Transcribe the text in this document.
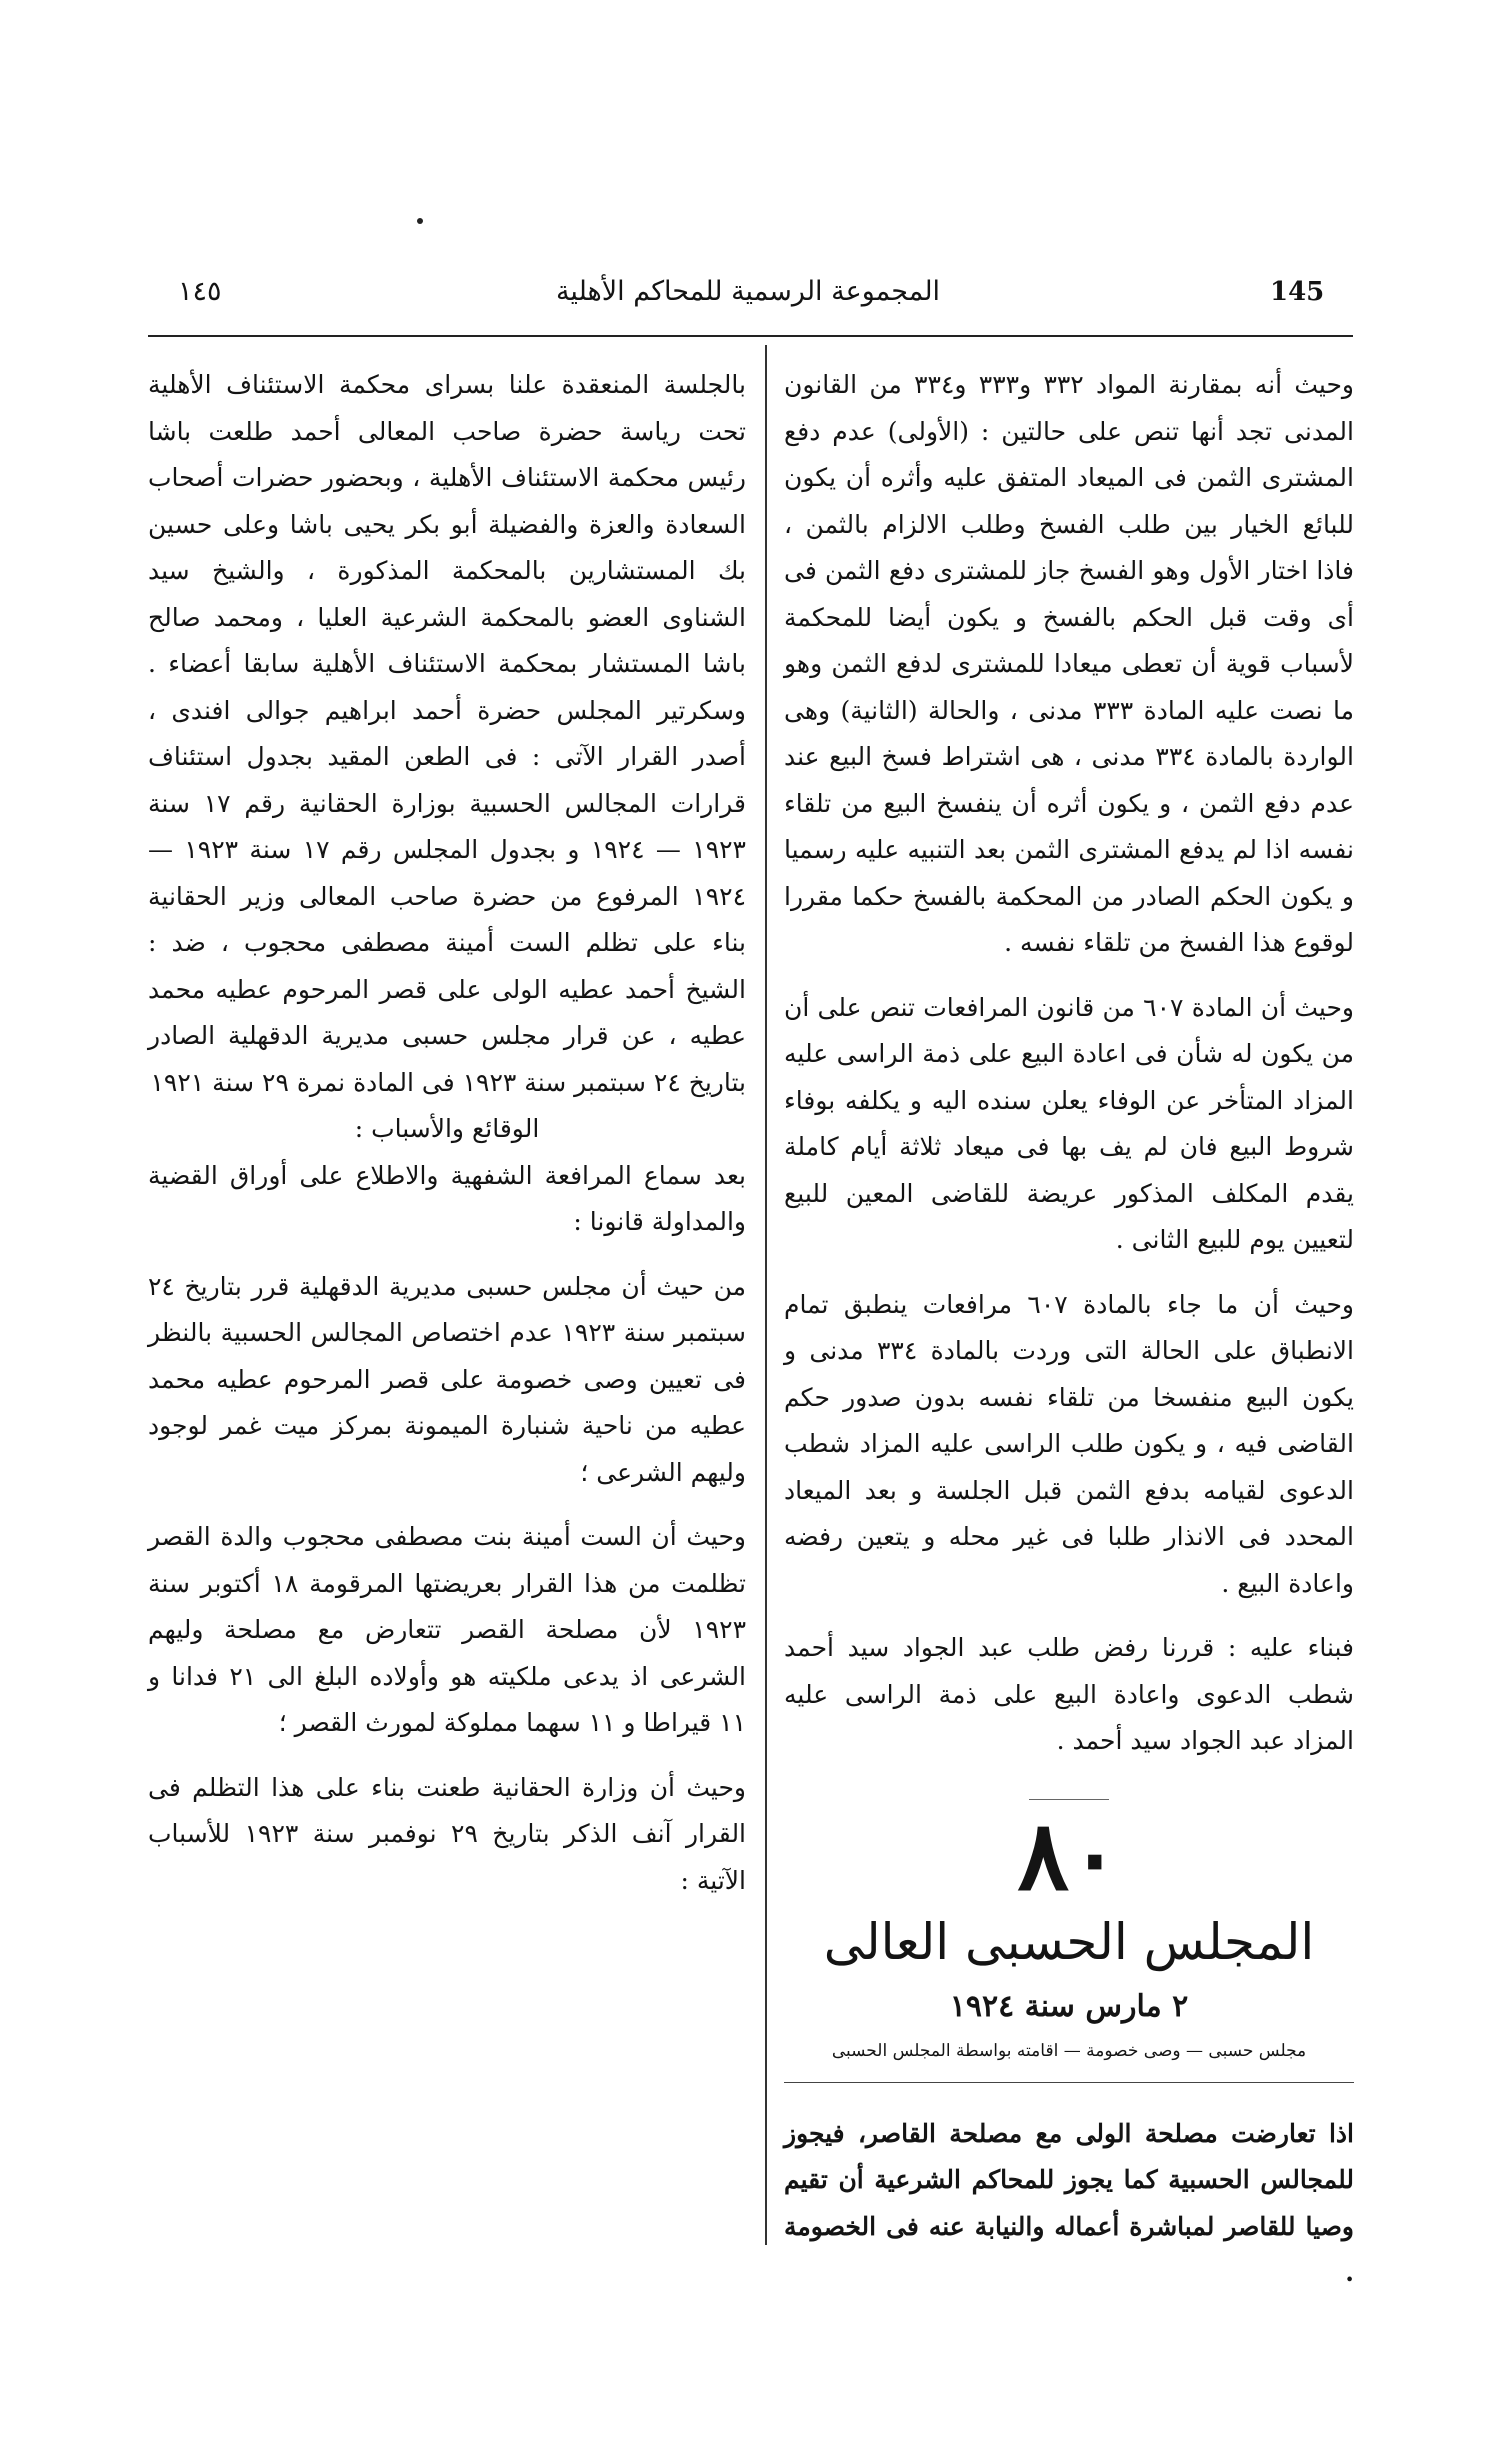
١٤٥	المجموعة الرسمية للمحاكم الأهلية	145

وحيث أنه بمقارنة المواد ٣٣٢ و٣٣٣ و٣٣٤ من القانون المدنى تجد أنها تنص على حالتين : (الأولى) عدم دفع المشترى الثمن فى الميعاد المتفق عليه وأثره أن يكون للبائع الخيار بين طلب الفسخ وطلب الالزام بالثمن ، فاذا اختار الأول وهو الفسخ جاز للمشترى دفع الثمن فى أى وقت قبل الحكم بالفسخ و يكون أيضا للمحكمة لأسباب قوية أن تعطى ميعادا للمشترى لدفع الثمن وهو ما نصت عليه المادة ٣٣٣ مدنى ، والحالة (الثانية) وهى الواردة بالمادة ٣٣٤ مدنى ، هى اشتراط فسخ البيع عند عدم دفع الثمن ، و يكون أثره أن ينفسخ البيع من تلقاء نفسه اذا لم يدفع المشترى الثمن بعد التنبيه عليه رسميا و يكون الحكم الصادر من المحكمة بالفسخ حكما مقررا لوقوع هذا الفسخ من تلقاء نفسه .

وحيث أن المادة ٦٠٧ من قانون المرافعات تنص على أن من يكون له شأن فى اعادة البيع على ذمة الراسى عليه المزاد المتأخر عن الوفاء يعلن سنده اليه و يكلفه بوفاء شروط البيع فان لم يف بها فى ميعاد ثلاثة أيام كاملة يقدم المكلف المذكور عريضة للقاضى المعين للبيع لتعيين يوم للبيع الثانى .

وحيث أن ما جاء بالمادة ٦٠٧ مرافعات ينطبق تمام الانطباق على الحالة التى وردت بالمادة ٣٣٤ مدنى و يكون البيع منفسخا من تلقاء نفسه بدون صدور حكم القاضى فيه ، و يكون طلب الراسى عليه المزاد شطب الدعوى لقيامه بدفع الثمن قبل الجلسة و بعد الميعاد المحدد فى الانذار طلبا فى غير محله و يتعين رفضه واعادة البيع .

فبناء عليه : قررنا رفض طلب عبد الجواد سيد أحمد شطب الدعوى واعادة البيع على ذمة الراسى عليه المزاد عبد الجواد سيد أحمد .

٨٠

المجلس الحسبى العالى

٢ مارس سنة ١٩٢٤

مجلس حسبى — وصى خصومة — اقامته بواسطة المجلس الحسبى

اذا تعارضت مصلحة الولى مع مصلحة القاصر، فيجوز للمجالس الحسبية كما يجوز للمحاكم الشرعية أن تقيم وصيا للقاصر لمباشرة أعماله والنيابة عنه فى الخصومة .

بالجلسة المنعقدة علنا بسراى محكمة الاستئناف الأهلية تحت رياسة حضرة صاحب المعالى أحمد طلعت باشا رئيس محكمة الاستئناف الأهلية ، وبحضور حضرات أصحاب السعادة والعزة والفضيلة أبو بكر يحيى باشا وعلى حسين بك المستشارين بالمحكمة المذكورة ، والشيخ سيد الشناوى العضو بالمحكمة الشرعية العليا ، ومحمد صالح باشا المستشار بمحكمة الاستئناف الأهلية سابقا أعضاء . وسكرتير المجلس حضرة أحمد ابراهيم جوالى افندى ، أصدر القرار الآتى : فى الطعن المقيد بجدول استئناف قرارات المجالس الحسبية بوزارة الحقانية رقم ١٧ سنة ١٩٢٣ — ١٩٢٤ و بجدول المجلس رقم ١٧ سنة ١٩٢٣ — ١٩٢٤ المرفوع من حضرة صاحب المعالى وزير الحقانية بناء على تظلم الست أمينة مصطفى محجوب ، ضد : الشيخ أحمد عطيه الولى على قصر المرحوم عطيه محمد عطيه ، عن قرار مجلس حسبى مديرية الدقهلية الصادر بتاريخ ٢٤ سبتمبر سنة ١٩٢٣ فى المادة نمرة ٢٩ سنة ١٩٢١

الوقائع والأسباب :

بعد سماع المرافعة الشفهية والاطلاع على أوراق القضية والمداولة قانونا :

من حيث أن مجلس حسبى مديرية الدقهلية قرر بتاريخ ٢٤ سبتمبر سنة ١٩٢٣ عدم اختصاص المجالس الحسبية بالنظر فى تعيين وصى خصومة على قصر المرحوم عطيه محمد عطيه من ناحية شنبارة الميمونة بمركز ميت غمر لوجود وليهم الشرعى ؛

وحيث أن الست أمينة بنت مصطفى محجوب والدة القصر تظلمت من هذا القرار بعريضتها المرقومة ١٨ أكتوبر سنة ١٩٢٣ لأن مصلحة القصر تتعارض مع مصلحة وليهم الشرعى اذ يدعى ملكيته هو وأولاده البلغ الى ٢١ فدانا و ١١ قيراطا و ١١ سهما مملوكة لمورث القصر ؛

وحيث أن وزارة الحقانية طعنت بناء على هذا التظلم فى القرار آنف الذكر بتاريخ ٢٩ نوفمبر سنة ١٩٢٣ للأسباب الآتية :
